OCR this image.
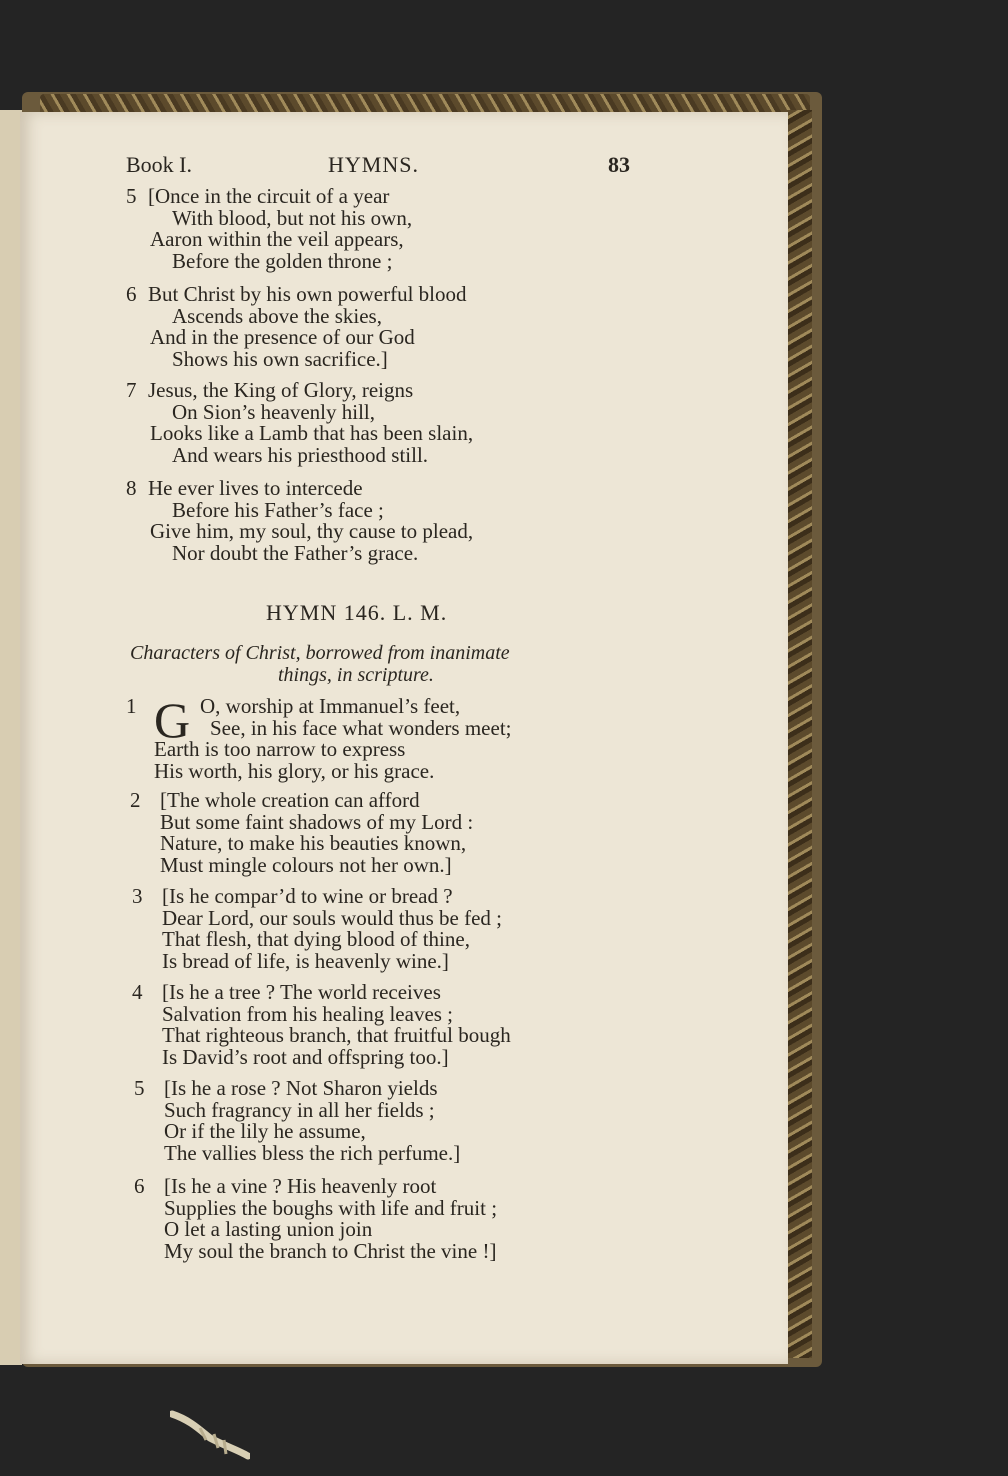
Book I.	HYMNS.	83
5 [Once in the circuit of a year
With blood, but not his own,
Aaron within the veil appears,
Before the golden throne ;
6 But Christ by his own powerful blood
Ascends above the skies,
And in the presence of our God
Shows his own sacrifice.]
7 Jesus, the King of Glory, reigns
On Sion’s heavenly hill,
Looks like a Lamb that has been slain,
And wears his priesthood still.
8 He ever lives to intercede
Before his Father’s face ;
Give him, my soul, thy cause to plead,
Nor doubt the Father’s grace.
HYMN 146. L. M.
Characters of Christ, borrowed from inanimate
things, in scripture.
1 G O, worship at Immanuel’s feet,
See, in his face what wonders meet;
Earth is too narrow to express
His worth, his glory, or his grace.
2 [The whole creation can afford
But some faint shadows of my Lord :
Nature, to make his beauties known,
Must mingle colours not her own.]
3 [Is he compar’d to wine or bread ?
Dear Lord, our souls would thus be fed ;
That flesh, that dying blood of thine,
Is bread of life, is heavenly wine.]
4 [Is he a tree ? The world receives
Salvation from his healing leaves ;
That righteous branch, that fruitful bough
Is David’s root and offspring too.]
5 [Is he a rose ? Not Sharon yields
Such fragrancy in all her fields ;
Or if the lily he assume,
The vallies bless the rich perfume.]
6 [Is he a vine ? His heavenly root
Supplies the boughs with life and fruit ;
O let a lasting union join
My soul the branch to Christ the vine !]
